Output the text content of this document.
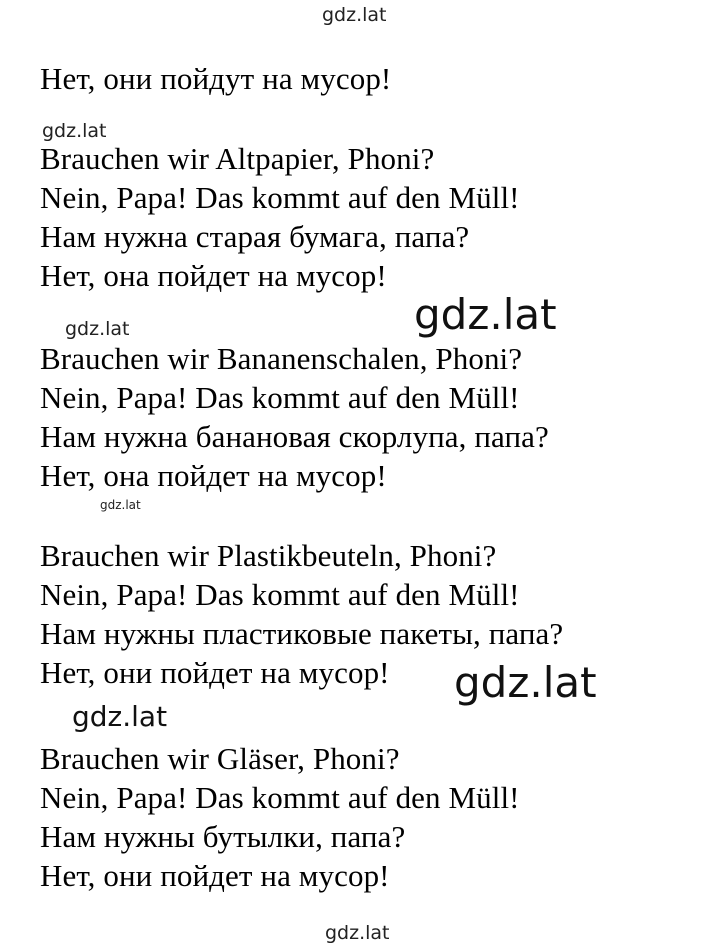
gdz.lat
gdz.lat
gdz.lat
gdz.lat
gdz.lat
gdz.lat
gdz.lat
gdz.lat
Нет, они пойдут на мусор!
Brauchen wir Altpapier, Phoni?
Nein, Papa! Das kommt auf den Müll!
Нам нужна старая бумага, папа?
Нет, она пойдет на мусор!
Brauchen wir Bananenschalen, Phoni?
Nein, Papa! Das kommt auf den Müll!
Нам нужна банановая скорлупа, папа?
Нет, она пойдет на мусор!
Brauchen wir Plastikbeuteln, Phoni?
Nein, Papa! Das kommt auf den Müll!
Нам нужны пластиковые пакеты, папа?
Нет, они пойдет на мусор!
Brauchen wir Gläser, Phoni?
Nein, Papa! Das kommt auf den Müll!
Нам нужны бутылки, папа?
Нет, они пойдет на мусор!
